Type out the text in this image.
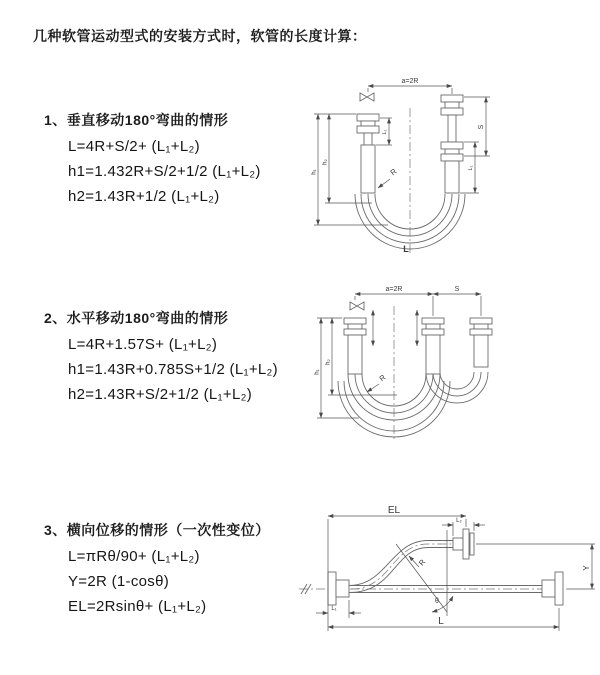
几种软管运动型式的安装方式时，软管的长度计算：
1、垂直移动180°弯曲的情形
L=4R+S/2+ (L₁+L₂)
h1=1.432R+S/2+1/2 (L₁+L₂)
h2=1.43R+1/2 (L₁+L₂)
2、水平移动180°弯曲的情形
L=4R+1.57S+ (L₁+L₂)
h1=1.43R+0.785S+1/2 (L₁+L₂)
h2=1.43R+S/2+1/2 (L₁+L₂)
3、横向位移的情形（一次性变位）
L=πRθ/90+ (L₁+L₂)
Y=2R (1-cosθ)
EL=2Rsinθ+ (L₁+L₂)
a=2R
S
L₁
L₁
h₁
h₂
R
L
a=2R	S
h₁
h₂
R
EL
L₂
R
θ
Y
L
L₁
